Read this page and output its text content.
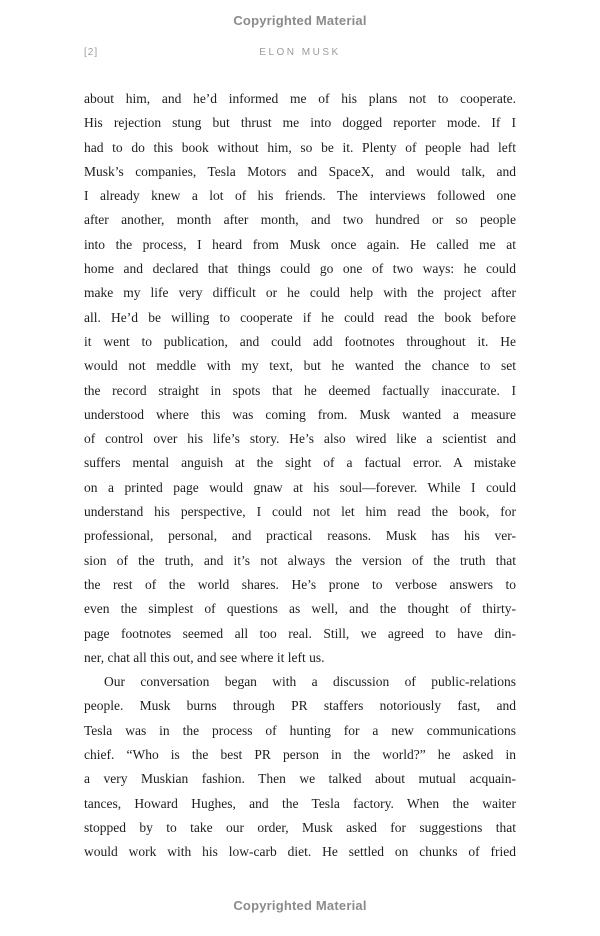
Copyrighted Material
[2]	ELON MUSK
about him, and he’d informed me of his plans not to cooperate.
His rejection stung but thrust me into dogged reporter mode. If I
had to do this book without him, so be it. Plenty of people had left
Musk’s companies, Tesla Motors and SpaceX, and would talk, and
I already knew a lot of his friends. The interviews followed one
after another, month after month, and two hundred or so people
into the process, I heard from Musk once again. He called me at
home and declared that things could go one of two ways: he could
make my life very difficult or he could help with the project after
all. He’d be willing to cooperate if he could read the book before
it went to publication, and could add footnotes throughout it. He
would not meddle with my text, but he wanted the chance to set
the record straight in spots that he deemed factually inaccurate. I
understood where this was coming from. Musk wanted a measure
of control over his life’s story. He’s also wired like a scientist and
suffers mental anguish at the sight of a factual error. A mistake
on a printed page would gnaw at his soul—forever. While I could
understand his perspective, I could not let him read the book, for
professional, personal, and practical reasons. Musk has his ver-
sion of the truth, and it’s not always the version of the truth that
the rest of the world shares. He’s prone to verbose answers to
even the simplest of questions as well, and the thought of thirty-
page footnotes seemed all too real. Still, we agreed to have din-
ner, chat all this out, and see where it left us.
Our conversation began with a discussion of public-relations
people. Musk burns through PR staffers notoriously fast, and
Tesla was in the process of hunting for a new communications
chief. “Who is the best PR person in the world?” he asked in
a very Muskian fashion. Then we talked about mutual acquain-
tances, Howard Hughes, and the Tesla factory. When the waiter
stopped by to take our order, Musk asked for suggestions that
would work with his low-carb diet. He settled on chunks of fried
Copyrighted Material
